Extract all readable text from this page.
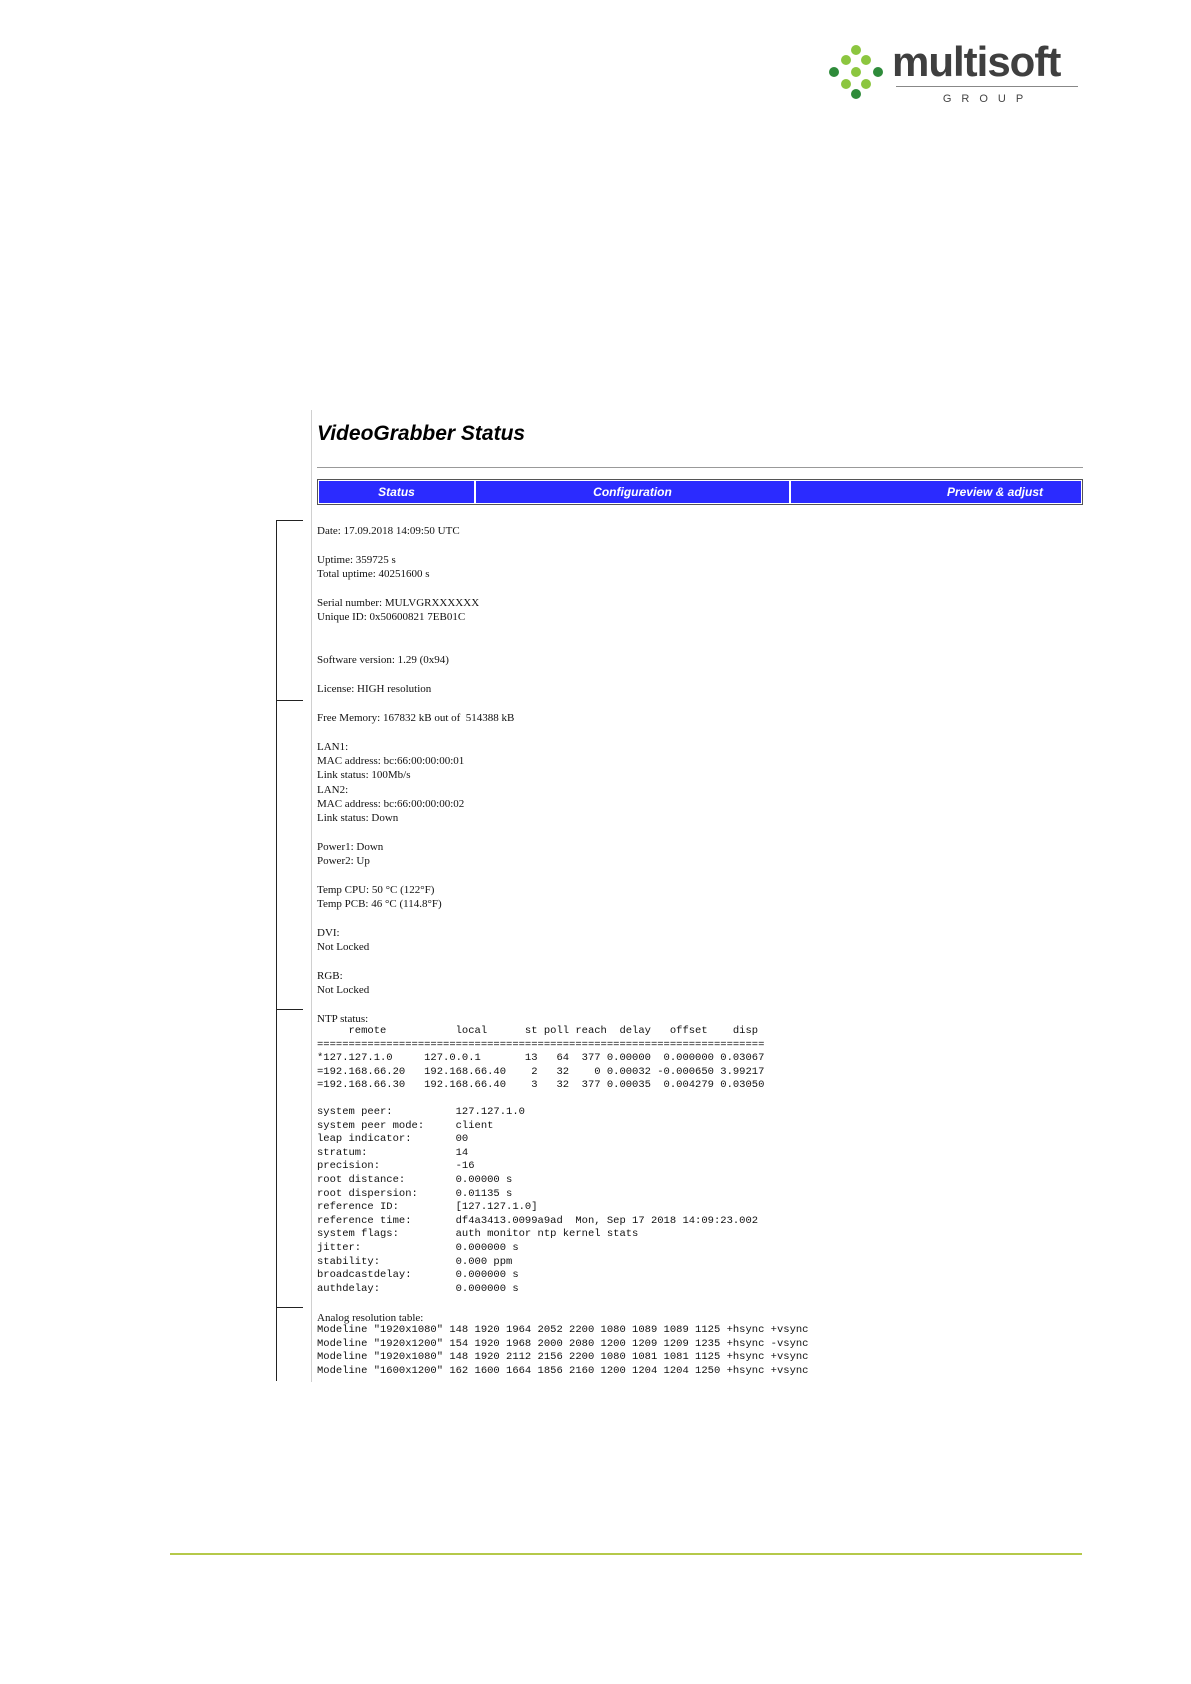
multisoft
GROUP
VideoGrabber Status
Status	Configuration	Preview & adjust
Date: 17.09.2018 14:09:50 UTC
Uptime: 359725 s
Total uptime: 40251600 s
Serial number: MULVGRXXXXXX
Unique ID: 0x50600821 7EB01C
Software version: 1.29 (0x94)
License: HIGH resolution
Free Memory: 167832 kB out of  514388 kB
LAN1:
MAC address: bc:66:00:00:00:01
Link status: 100Mb/s
LAN2:
MAC address: bc:66:00:00:00:02
Link status: Down
Power1: Down
Power2: Up
Temp CPU: 50 °C (122°F)
Temp PCB: 46 °C (114.8°F)
DVI:
Not Locked
RGB:
Not Locked
NTP status:
remote           local      st poll reach  delay   offset    disp
=======================================================================
*127.127.1.0     127.0.0.1       13   64  377 0.00000  0.000000 0.03067
=192.168.66.20   192.168.66.40    2   32    0 0.00032 -0.000650 3.99217
=192.168.66.30   192.168.66.40    3   32  377 0.00035  0.004279 0.03050
system peer:          127.127.1.0
system peer mode:     client
leap indicator:       00
stratum:              14
precision:            -16
root distance:        0.00000 s
root dispersion:      0.01135 s
reference ID:         [127.127.1.0]
reference time:       df4a3413.0099a9ad  Mon, Sep 17 2018 14:09:23.002
system flags:         auth monitor ntp kernel stats
jitter:               0.000000 s
stability:            0.000 ppm
broadcastdelay:       0.000000 s
authdelay:            0.000000 s
Analog resolution table:
Modeline "1920x1080" 148 1920 1964 2052 2200 1080 1089 1089 1125 +hsync +vsync
Modeline "1920x1200" 154 1920 1968 2000 2080 1200 1209 1209 1235 +hsync -vsync
Modeline "1920x1080" 148 1920 2112 2156 2200 1080 1081 1081 1125 +hsync +vsync
Modeline "1600x1200" 162 1600 1664 1856 2160 1200 1204 1204 1250 +hsync +vsync
